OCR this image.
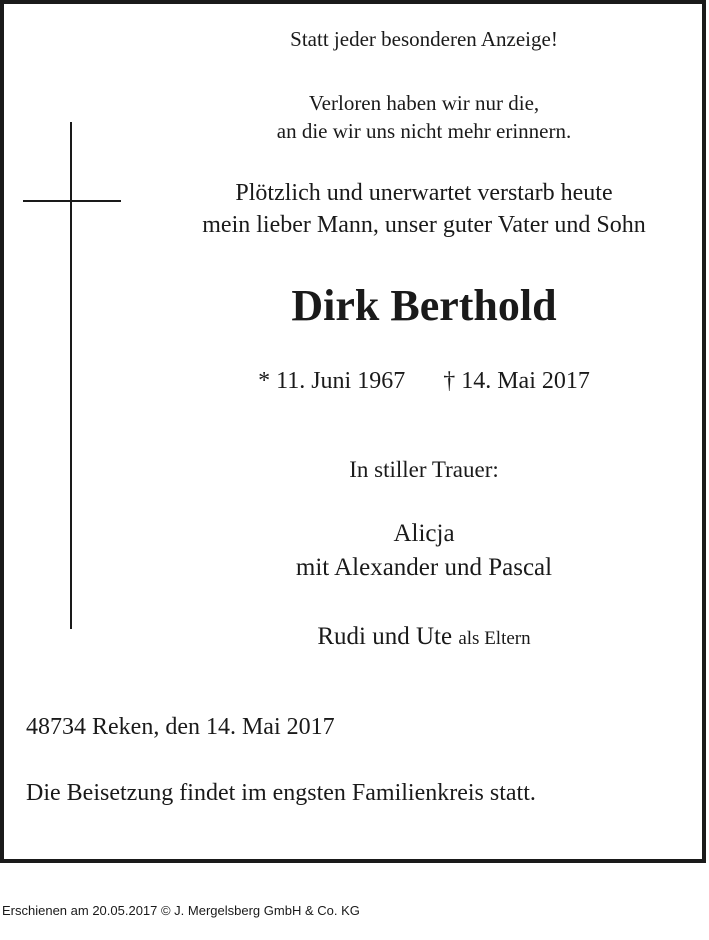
Statt jeder besonderen Anzeige!

Verloren haben wir nur die,

an die wir uns nicht mehr erinnern.

Plötzlich und unerwartet verstarb heute

mein lieber Mann, unser guter Vater und Sohn

Dirk Berthold

* 11. Juni 1967 † 14. Mai 2017

In stiller Trauer:

Alicja

mit Alexander und Pascal

Rudi und Ute als Eltern

48734 Reken, den 14. Mai 2017

Die Beisetzung findet im engsten Familienkreis statt.

Erschienen am 20.05.2017 © J. Mergelsberg GmbH & Co. KG
